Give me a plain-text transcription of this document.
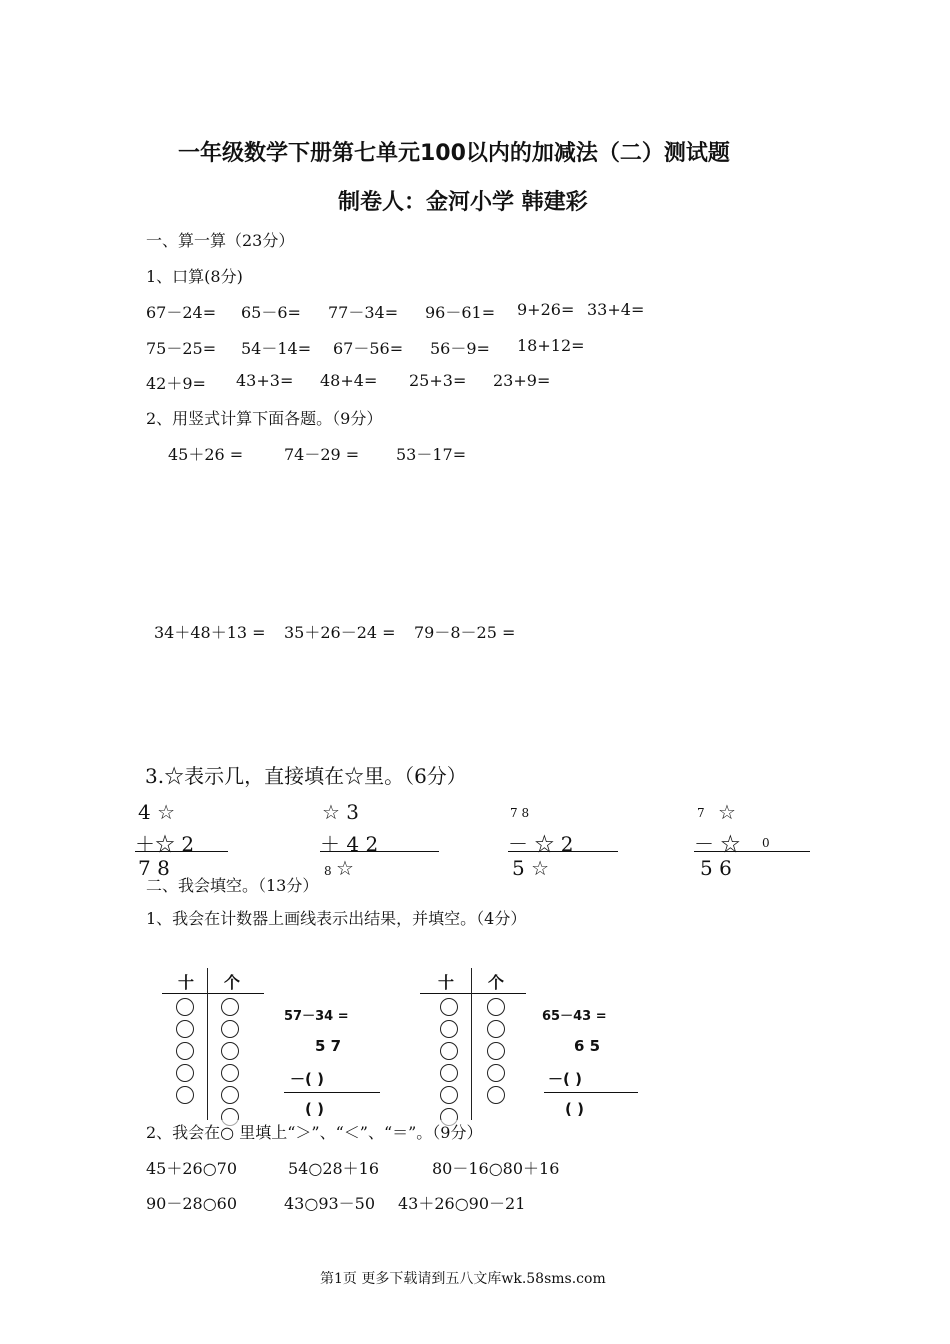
一年级数学下册第七单元100以内的加减法（二）测试题
制卷人：金河小学 韩建彩
一、算一算（23分）
1、口算(8分)
67－24= 65－6= 77－34= 96－61= 9+26= 33+4=
75－25= 54－14= 67－56= 56－9= 18+12=
42＋9= 43+3= 48+4= 25+3= 23+9=
2、用竖式计算下面各题。（9分）
45＋26 =	74－29 = 53－17=
34＋48＋13 = 35＋26－24 = 79－8－25 =
3.☆表示几，直接填在☆里。（6分）
4 ☆
＋☆ 2
7 8
☆ 3
＋ 4 2
8 ☆
7 8
－ ☆ 2
5 ☆
7 ☆
－ ☆ 0
5 6
二、我会填空。（13分）
1、我会在计数器上画线表示出结果，并填空。（4分）
十 个
57－34 =
5 7
－( )
( )
十 个
65－43 =
6 5
－( )
( )
2、我会在○ 里填上“＞”、“＜”、“＝”。（9分）
45＋26○70	54○28＋16	80－16○80＋16
90－28○60	43○93－50 43＋26○90－21
第1页 更多下载请到五八文库wk.58sms.com
